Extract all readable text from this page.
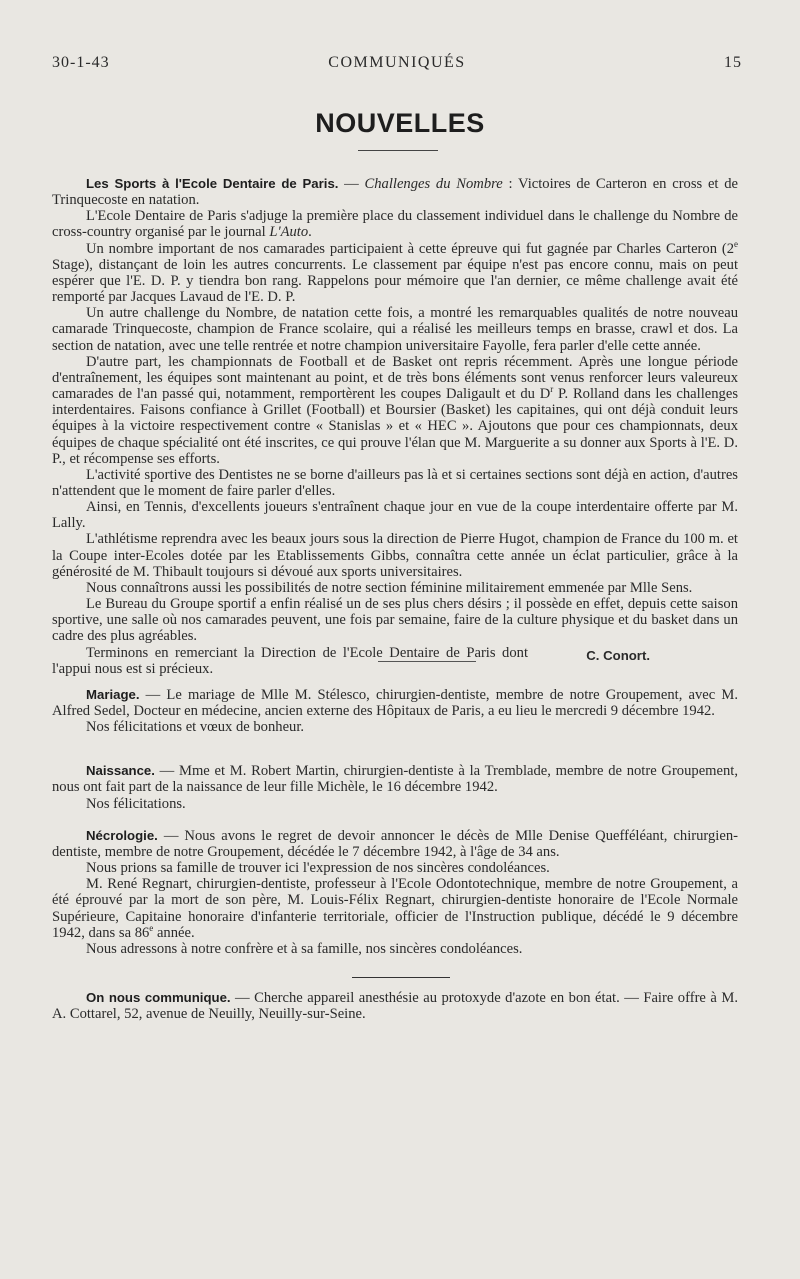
30-1-43	COMMUNIQUÉS	15
NOUVELLES

Les Sports à l'Ecole Dentaire de Paris. — Challenges du Nombre : Victoires de Carteron en cross et de Trinquecoste en natation.

L'Ecole Dentaire de Paris s'adjuge la première place du classement individuel dans le challenge du Nombre de cross-country organisé par le journal L'Auto.

Un nombre important de nos camarades participaient à cette épreuve qui fut gagnée par Charles Carteron (2e Stage), distançant de loin les autres concurrents. Le classement par équipe n'est pas encore connu, mais on peut espérer que l'E. D. P. y tiendra bon rang. Rappelons pour mémoire que l'an dernier, ce même challenge avait été remporté par Jacques Lavaud de l'E. D. P.

Un autre challenge du Nombre, de natation cette fois, a montré les remarquables qualités de notre nouveau camarade Trinquecoste, champion de France scolaire, qui a réalisé les meilleurs temps en brasse, crawl et dos. La section de natation, avec une telle rentrée et notre champion universitaire Fayolle, fera parler d'elle cette année.

D'autre part, les championnats de Football et de Basket ont repris récemment. Après une longue période d'entraînement, les équipes sont maintenant au point, et de très bons éléments sont venus renforcer leurs valeureux camarades de l'an passé qui, notamment, remportèrent les coupes Daligault et du $D^r$ P. Rolland dans les challenges interdentaires. Faisons confiance à Grillet (Football) et Boursier (Basket) les capitaines, qui ont déjà conduit leurs équipes à la victoire respectivement contre « Stanislas » et « HEC ». Ajoutons que pour ces championnats, deux équipes de chaque spécialité ont été inscrites, ce qui prouve l'élan que M. Marguerite a su donner aux Sports à l'E. D. P., et récompense ses efforts.

L'activité sportive des Dentistes ne se borne d'ailleurs pas là et si certaines sections sont déjà en action, d'autres n'attendent que le moment de faire parler d'elles.

Ainsi, en Tennis, d'excellents joueurs s'entraînent chaque jour en vue de la coupe interdentaire offerte par M. Lally.

L'athlétisme reprendra avec les beaux jours sous la direction de Pierre Hugot, champion de France du 100 m. et la Coupe inter-Ecoles dotée par les Etablissements Gibbs, connaîtra cette année un éclat particulier, grâce à la générosité de M. Thibault toujours si dévoué aux sports universitaires.

Nous connaîtrons aussi les possibilités de notre section féminine militairement emmenée par Mlle Sens.

Le Bureau du Groupe sportif a enfin réalisé un de ses plus chers désirs ; il possède en effet, depuis cette saison sportive, une salle où nos camarades peuvent, une fois par semaine, faire de la culture physique et du basket dans un cadre des plus agréables.

Terminons en remerciant la Direction de l'Ecole Dentaire de Paris dont l'appui nous est si précieux.

C. Conort.

Mariage. — Le mariage de Mlle M. Stélesco, chirurgien-dentiste, membre de notre Groupement, avec M. Alfred Sedel, Docteur en médecine, ancien externe des Hôpitaux de Paris, a eu lieu le mercredi 9 décembre 1942.

Nos félicitations et vœux de bonheur.

Naissance. — Mme et M. Robert Martin, chirurgien-dentiste à la Tremblade, membre de notre Groupement, nous ont fait part de la naissance de leur fille Michèle, le 16 décembre 1942.

Nos félicitations.

Nécrologie. — Nous avons le regret de devoir annoncer le décès de Mlle Denise Quefféléant, chirurgien-dentiste, membre de notre Groupement, décédée le 7 décembre 1942, à l'âge de 34 ans.

Nous prions sa famille de trouver ici l'expression de nos sincères condoléances.

M. René Regnart, chirurgien-dentiste, professeur à l'Ecole Odontotechnique, membre de notre Groupement, a été éprouvé par la mort de son père, M. Louis-Félix Regnart, chirurgien-dentiste honoraire de l'Ecole Normale Supérieure, Capitaine honoraire d'infanterie territoriale, officier de l'Instruction publique, décédé le 9 décembre 1942, dans sa 86e année.

Nous adressons à notre confrère et à sa famille, nos sincères condoléances.

On nous communique. — Cherche appareil anesthésie au protoxyde d'azote en bon état. — Faire offre à M. A. Cottarel, 52, avenue de Neuilly, Neuilly-sur-Seine.
